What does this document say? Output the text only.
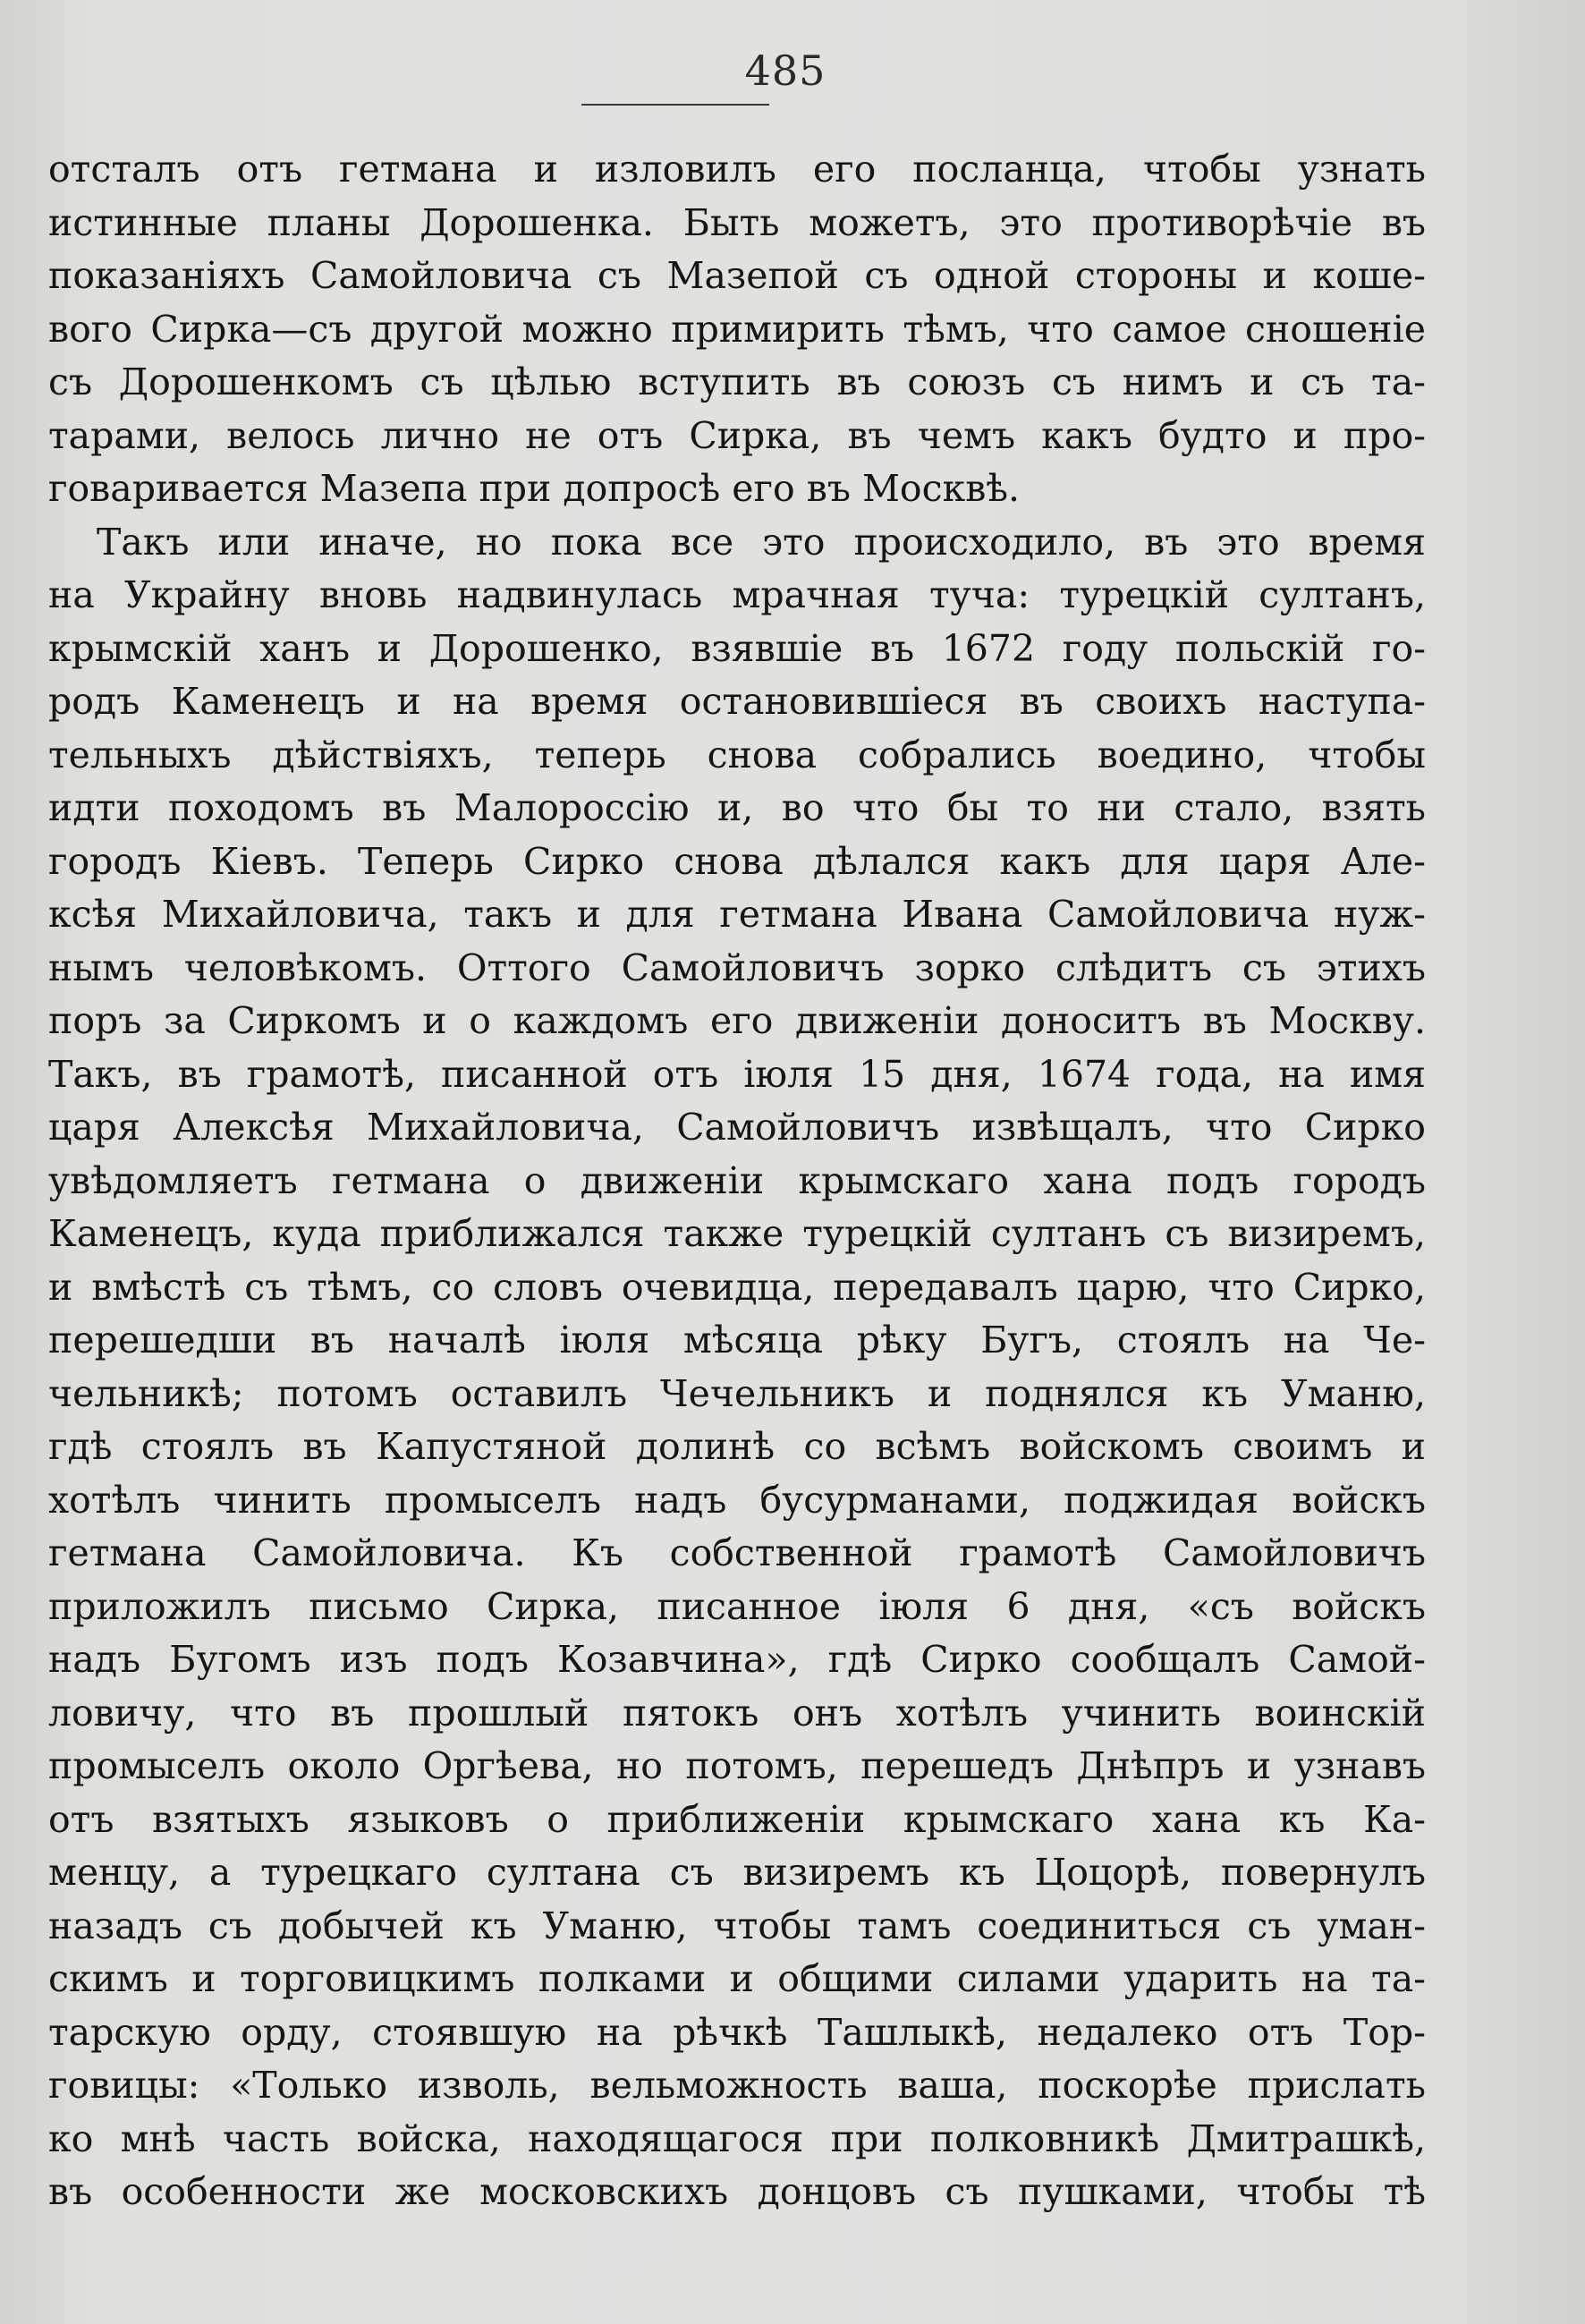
485
отсталъ отъ гетмана и изловилъ его посланца, чтобы узнать
истинные планы Дорошенка. Быть можетъ, это противорѣчіе въ
показаніяхъ Самойловича съ Мазепой съ одной стороны и коше-
вого Сирка—съ другой можно примирить тѣмъ, что самое сношеніе
съ Дорошенкомъ съ цѣлью вступить въ союзъ съ нимъ и съ та-
тарами, велось лично не отъ Сирка, въ чемъ какъ будто и про-
говаривается Мазепа при допросѣ его въ Москвѣ.
Такъ или иначе, но пока все это происходило, въ это время
на Украйну вновь надвинулась мрачная туча: турецкій султанъ,
крымскій ханъ и Дорошенко, взявшіе въ 1672 году польскій го-
родъ Каменецъ и на время остановившіеся въ своихъ наступа-
тельныхъ дѣйствіяхъ, теперь снова собрались воедино, чтобы
идти походомъ въ Малороссію и, во что бы то ни стало, взять
городъ Кіевъ. Теперь Сирко снова дѣлался какъ для царя Але-
ксѣя Михайловича, такъ и для гетмана Ивана Самойловича нуж-
нымъ человѣкомъ. Оттого Самойловичъ зорко слѣдитъ съ этихъ
поръ за Сиркомъ и о каждомъ его движеніи доноситъ въ Москву.
Такъ, въ грамотѣ, писанной отъ іюля 15 дня, 1674 года, на имя
царя Алексѣя Михайловича, Самойловичъ извѣщалъ, что Сирко
увѣдомляетъ гетмана о движеніи крымскаго хана подъ городъ
Каменецъ, куда приближался также турецкій султанъ съ визиремъ,
и вмѣстѣ съ тѣмъ, со словъ очевидца, передавалъ царю, что Сирко,
перешедши въ началѣ іюля мѣсяца рѣку Бугъ, стоялъ на Че-
чельникѣ; потомъ оставилъ Чечельникъ и поднялся къ Уманю,
гдѣ стоялъ въ Капустяной долинѣ со всѣмъ войскомъ своимъ и
хотѣлъ чинить промыселъ надъ бусурманами, поджидая войскъ
гетмана Самойловича. Къ собственной грамотѣ Самойловичъ
приложилъ письмо Сирка, писанное іюля 6 дня, «съ войскъ
надъ Бугомъ изъ подъ Козавчина», гдѣ Сирко сообщалъ Самой-
ловичу, что въ прошлый пятокъ онъ хотѣлъ учинить воинскій
промыселъ около Оргѣева, но потомъ, перешедъ Днѣпръ и узнавъ
отъ взятыхъ языковъ о приближеніи крымскаго хана къ Ка-
менцу, а турецкаго султана съ визиремъ къ Цоцорѣ, повернулъ
назадъ съ добычей къ Уманю, чтобы тамъ соединиться съ уман-
скимъ и торговицкимъ полками и общими силами ударить на та-
тарскую орду, стоявшую на рѣчкѣ Ташлыкѣ, недалеко отъ Тор-
говицы: «Только изволь, вельможность ваша, поскорѣе прислать
ко мнѣ часть войска, находящагося при полковникѣ Дмитрашкѣ,
въ особенности же московскихъ донцовъ съ пушками, чтобы тѣ
